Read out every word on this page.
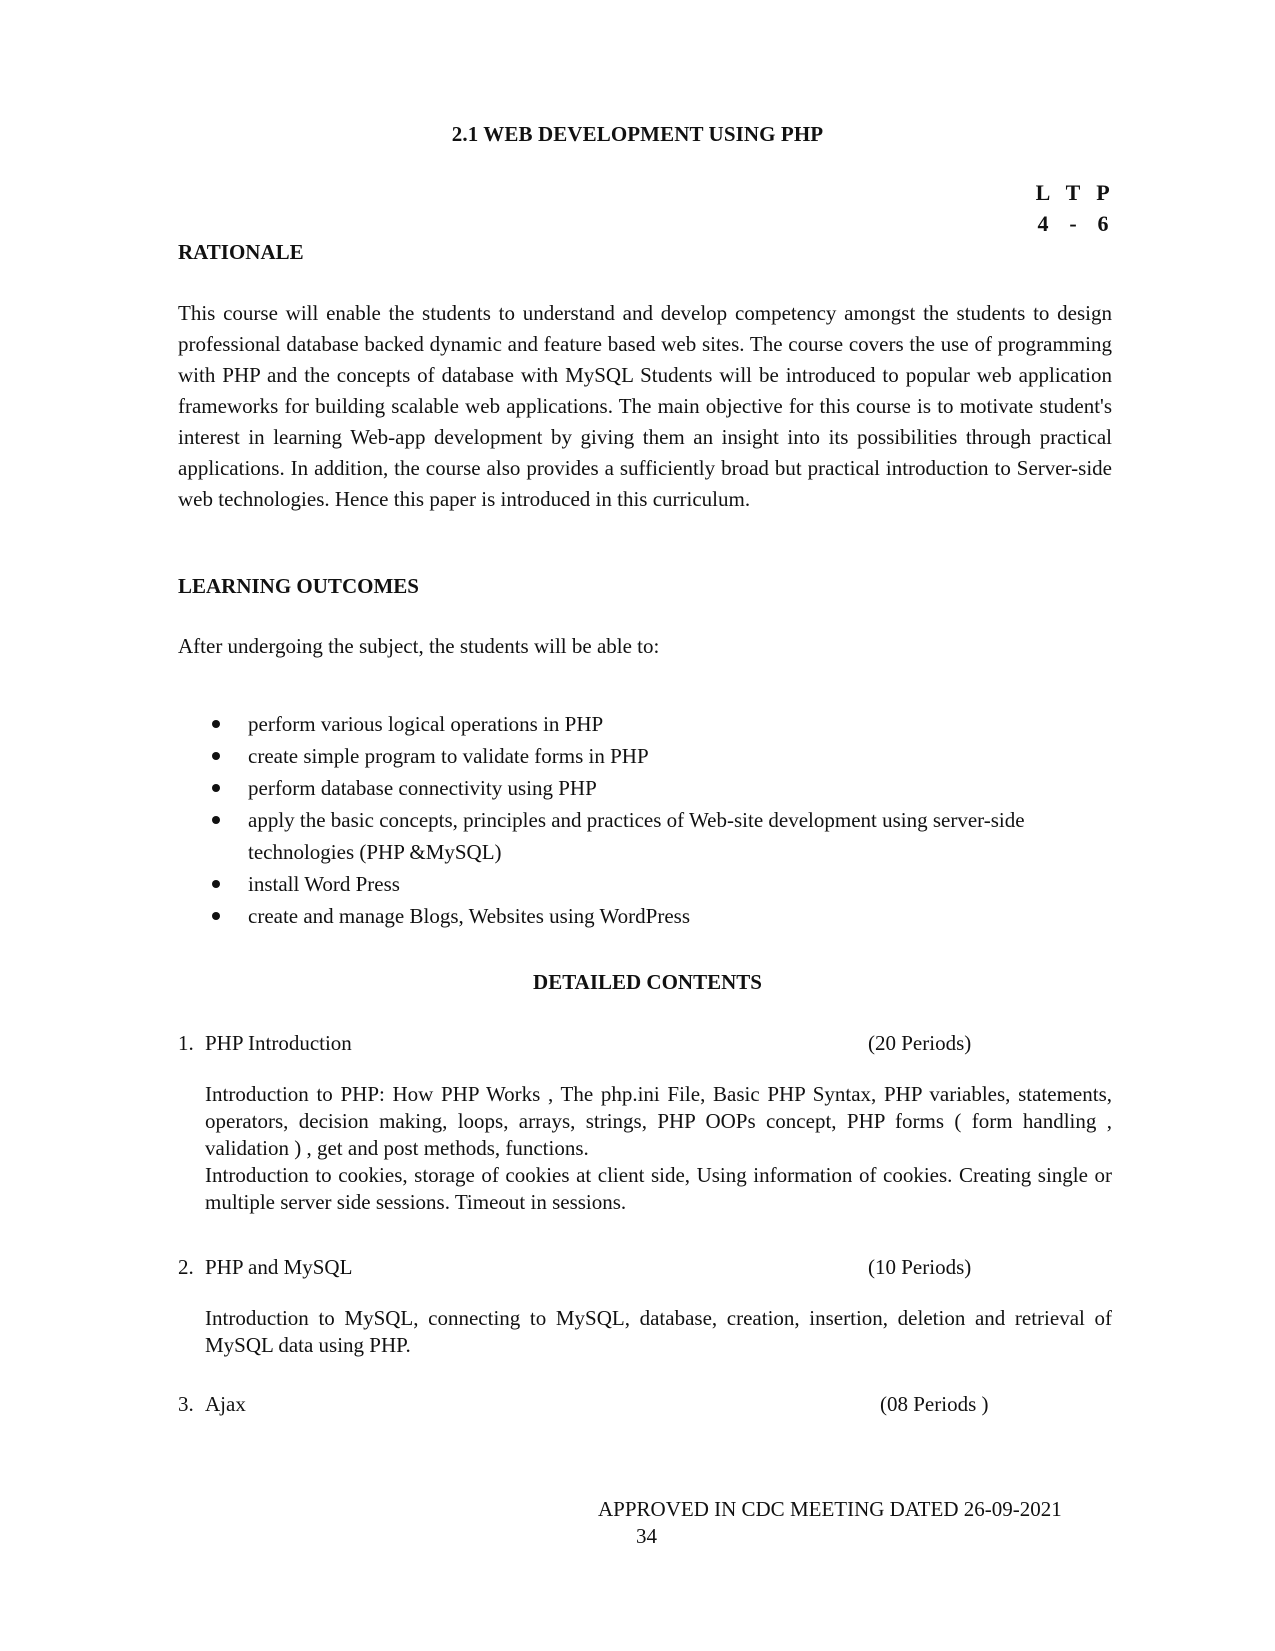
2.1 WEB DEVELOPMENT USING PHP
L T P
4 - 6
RATIONALE
This course will enable the students to understand and develop competency amongst the students to design professional database backed dynamic and feature based web sites. The course covers the use of programming with PHP and the concepts of database with MySQL Students will be introduced to popular web application frameworks for building scalable web applications. The main objective for this course is to motivate student's interest in learning Web-app development by giving them an insight into its possibilities through practical applications. In addition, the course also provides a sufficiently broad but practical introduction to Server-side web technologies. Hence this paper is introduced in this curriculum.
LEARNING OUTCOMES
After undergoing the subject, the students will be able to:
perform various logical operations in PHP
create simple program to validate forms in PHP
perform database connectivity using PHP
apply the basic concepts, principles and practices of Web-site development using server-side technologies (PHP &MySQL)
install Word Press
create and manage Blogs, Websites using WordPress
DETAILED CONTENTS
1. PHP Introduction	(20 Periods)

Introduction to PHP: How PHP Works , The php.ini File, Basic PHP Syntax, PHP variables, statements, operators, decision making, loops, arrays, strings, PHP OOPs concept, PHP forms ( form handling , validation ) , get and post methods, functions.

Introduction to cookies, storage of cookies at client side, Using information of cookies. Creating single or multiple server side sessions. Timeout in sessions.

2. PHP and MySQL	(10 Periods)

Introduction to MySQL, connecting to MySQL, database, creation, insertion, deletion and retrieval of MySQL data using PHP.

3. Ajax	(08 Periods )
APPROVED IN CDC MEETING DATED 26-09-2021
34
